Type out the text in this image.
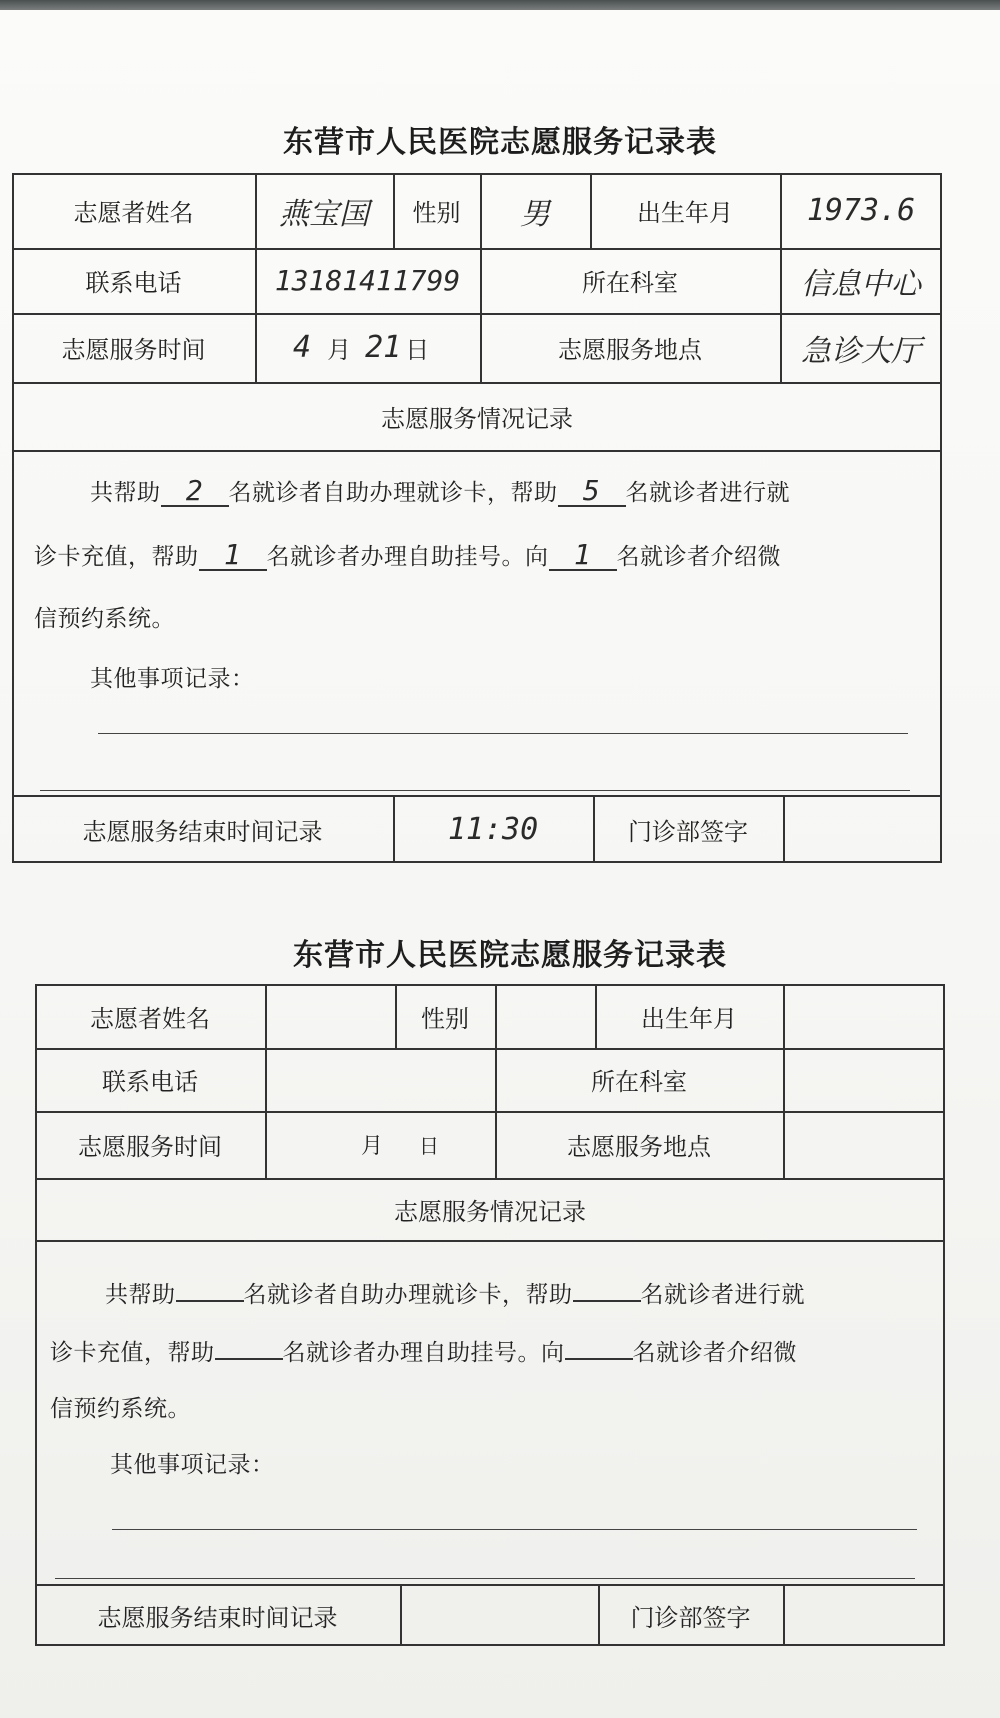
东营市人民医院志愿服务记录表
志愿者姓名	燕宝国	性别	男	出生年月	1973.6
联系电话	13181411799	所在科室	信息中心
志愿服务时间	4 月 21 日	志愿服务地点	急诊大厅
志愿服务情况记录
共帮助 2 名就诊者自助办理就诊卡，帮助 5 名就诊者进行就
诊卡充值，帮助 1 名就诊者办理自助挂号。向 1 名就诊者介绍微
信预约系统。
其他事项记录：
志愿服务结束时间记录	11:30	门诊部签字
东营市人民医院志愿服务记录表
志愿者姓名	性别	出生年月
联系电话	所在科室
志愿服务时间	月 日	志愿服务地点
志愿服务情况记录
共帮助	名就诊者自助办理就诊卡，帮助	名就诊者进行就
诊卡充值，帮助	名就诊者办理自助挂号。向	名就诊者介绍微
信预约系统。
其他事项记录：
志愿服务结束时间记录	门诊部签字
